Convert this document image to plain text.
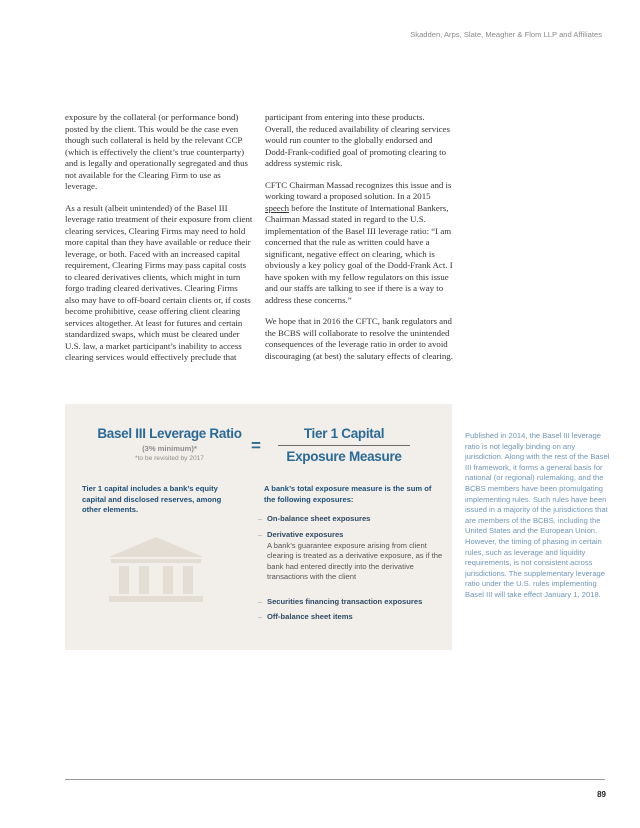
Skadden, Arps, Slate, Meagher & Flom LLP and Affiliates

exposure by the collateral (or performance bond) posted by the client. This would be the case even though such collateral is held by the relevant CCP (which is effectively the client’s true counterparty) and is legally and operationally segregated and thus not available for the Clearing Firm to use as leverage.

As a result (albeit unintended) of the Basel III leverage ratio treatment of their exposure from client clearing services, Clearing Firms may need to hold more capital than they have available or reduce their leverage, or both. Faced with an increased capital requirement, Clearing Firms may pass capital costs to cleared derivatives clients, which might in turn forgo trading cleared derivatives. Clearing Firms also may have to off-board certain clients or, if costs become prohibitive, cease offering client clearing services altogether. At least for futures and certain standardized swaps, which must be cleared under U.S. law, a market participant’s inability to access clearing services would effectively preclude that

participant from entering into these products. Overall, the reduced availability of clearing services would run counter to the globally endorsed and Dodd-Frank-codified goal of promoting clearing to address systemic risk.

CFTC Chairman Massad recognizes this issue and is working toward a proposed solution. In a 2015 speech before the Institute of International Bankers, Chairman Massad stated in regard to the U.S. implementation of the Basel III leverage ratio: “I am concerned that the rule as written could have a significant, negative effect on clearing, which is obviously a key policy goal of the Dodd-Frank Act. I have spoken with my fellow regulators on this issue and our staffs are talking to see if there is a way to address these concerns.”

We hope that in 2016 the CFTC, bank regulators and the BCBS will collaborate to resolve the unintended consequences of the leverage ratio in order to avoid discouraging (at best) the salutary effects of clearing.

Basel III Leverage Ratio
(3% minimum)*
*to be revisited by 2017
=
Tier 1 Capital
Exposure Measure
Tier 1 capital includes a bank’s equity capital and disclosed reserves, among other elements.
A bank’s total exposure measure is the sum of the following exposures:
– On-balance sheet exposures
– Derivative exposures
A bank’s guarantee exposure arising from client clearing is treated as a derivative exposure, as if the bank had entered directly into the derivative transactions with the client
– Securities financing transaction exposures
– Off-balance sheet items
Published in 2014, the Basel III leverage ratio is not legally binding on any jurisdiction. Along with the rest of the Basel III framework, it forms a general basis for national (or regional) rulemaking, and the BCBS members have been promulgating implementing rules. Such rules have been issued in a majority of the jurisdictions that are members of the BCBS, including the United States and the European Union. However, the timing of phasing in certain rules, such as leverage and liquidity requirements, is not consistent across jurisdictions. The supplementary leverage ratio under the U.S. rules implementing Basel III will take effect January 1, 2018.
89
